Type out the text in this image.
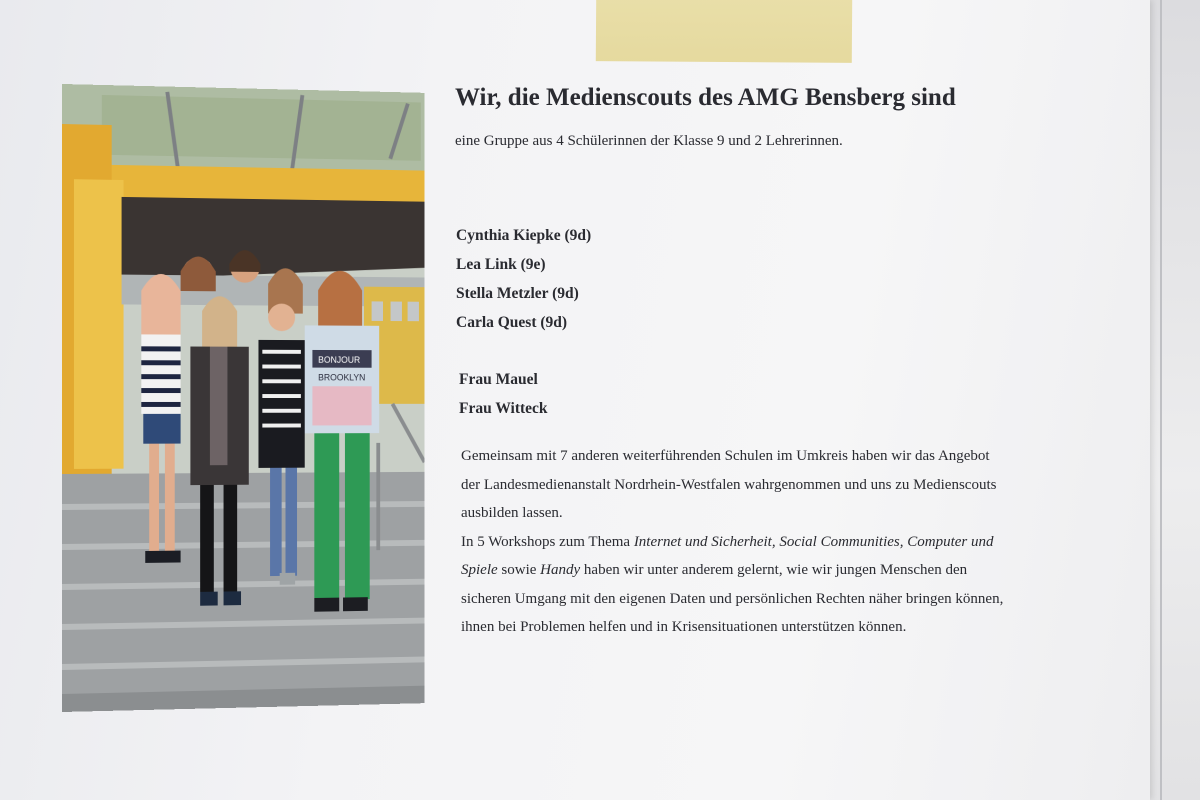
BONJOUR
BROOKLYN
Wir, die Medienscouts des AMG Bensberg sind

eine Gruppe aus 4 Schülerinnen der Klasse 9 und 2 Lehrerinnen.

Cynthia Kiepke (9d)
Lea Link (9e)
Stella Metzler (9d)
Carla Quest (9d)
Frau Mauel
Frau Witteck

Gemeinsam mit 7 anderen weiterführenden Schulen im Umkreis haben wir das Angebot
der Landesmedienanstalt Nordrhein-Westfalen wahrgenommen und uns zu Medienscouts
ausbilden lassen.
In 5 Workshops zum Thema Internet und Sicherheit, Social Communities, Computer und
Spiele sowie Handy haben wir unter anderem gelernt, wie wir jungen Menschen den
sicheren Umgang mit den eigenen Daten und persönlichen Rechten näher bringen können,
ihnen bei Problemen helfen und in Krisensituationen unterstützen können.
